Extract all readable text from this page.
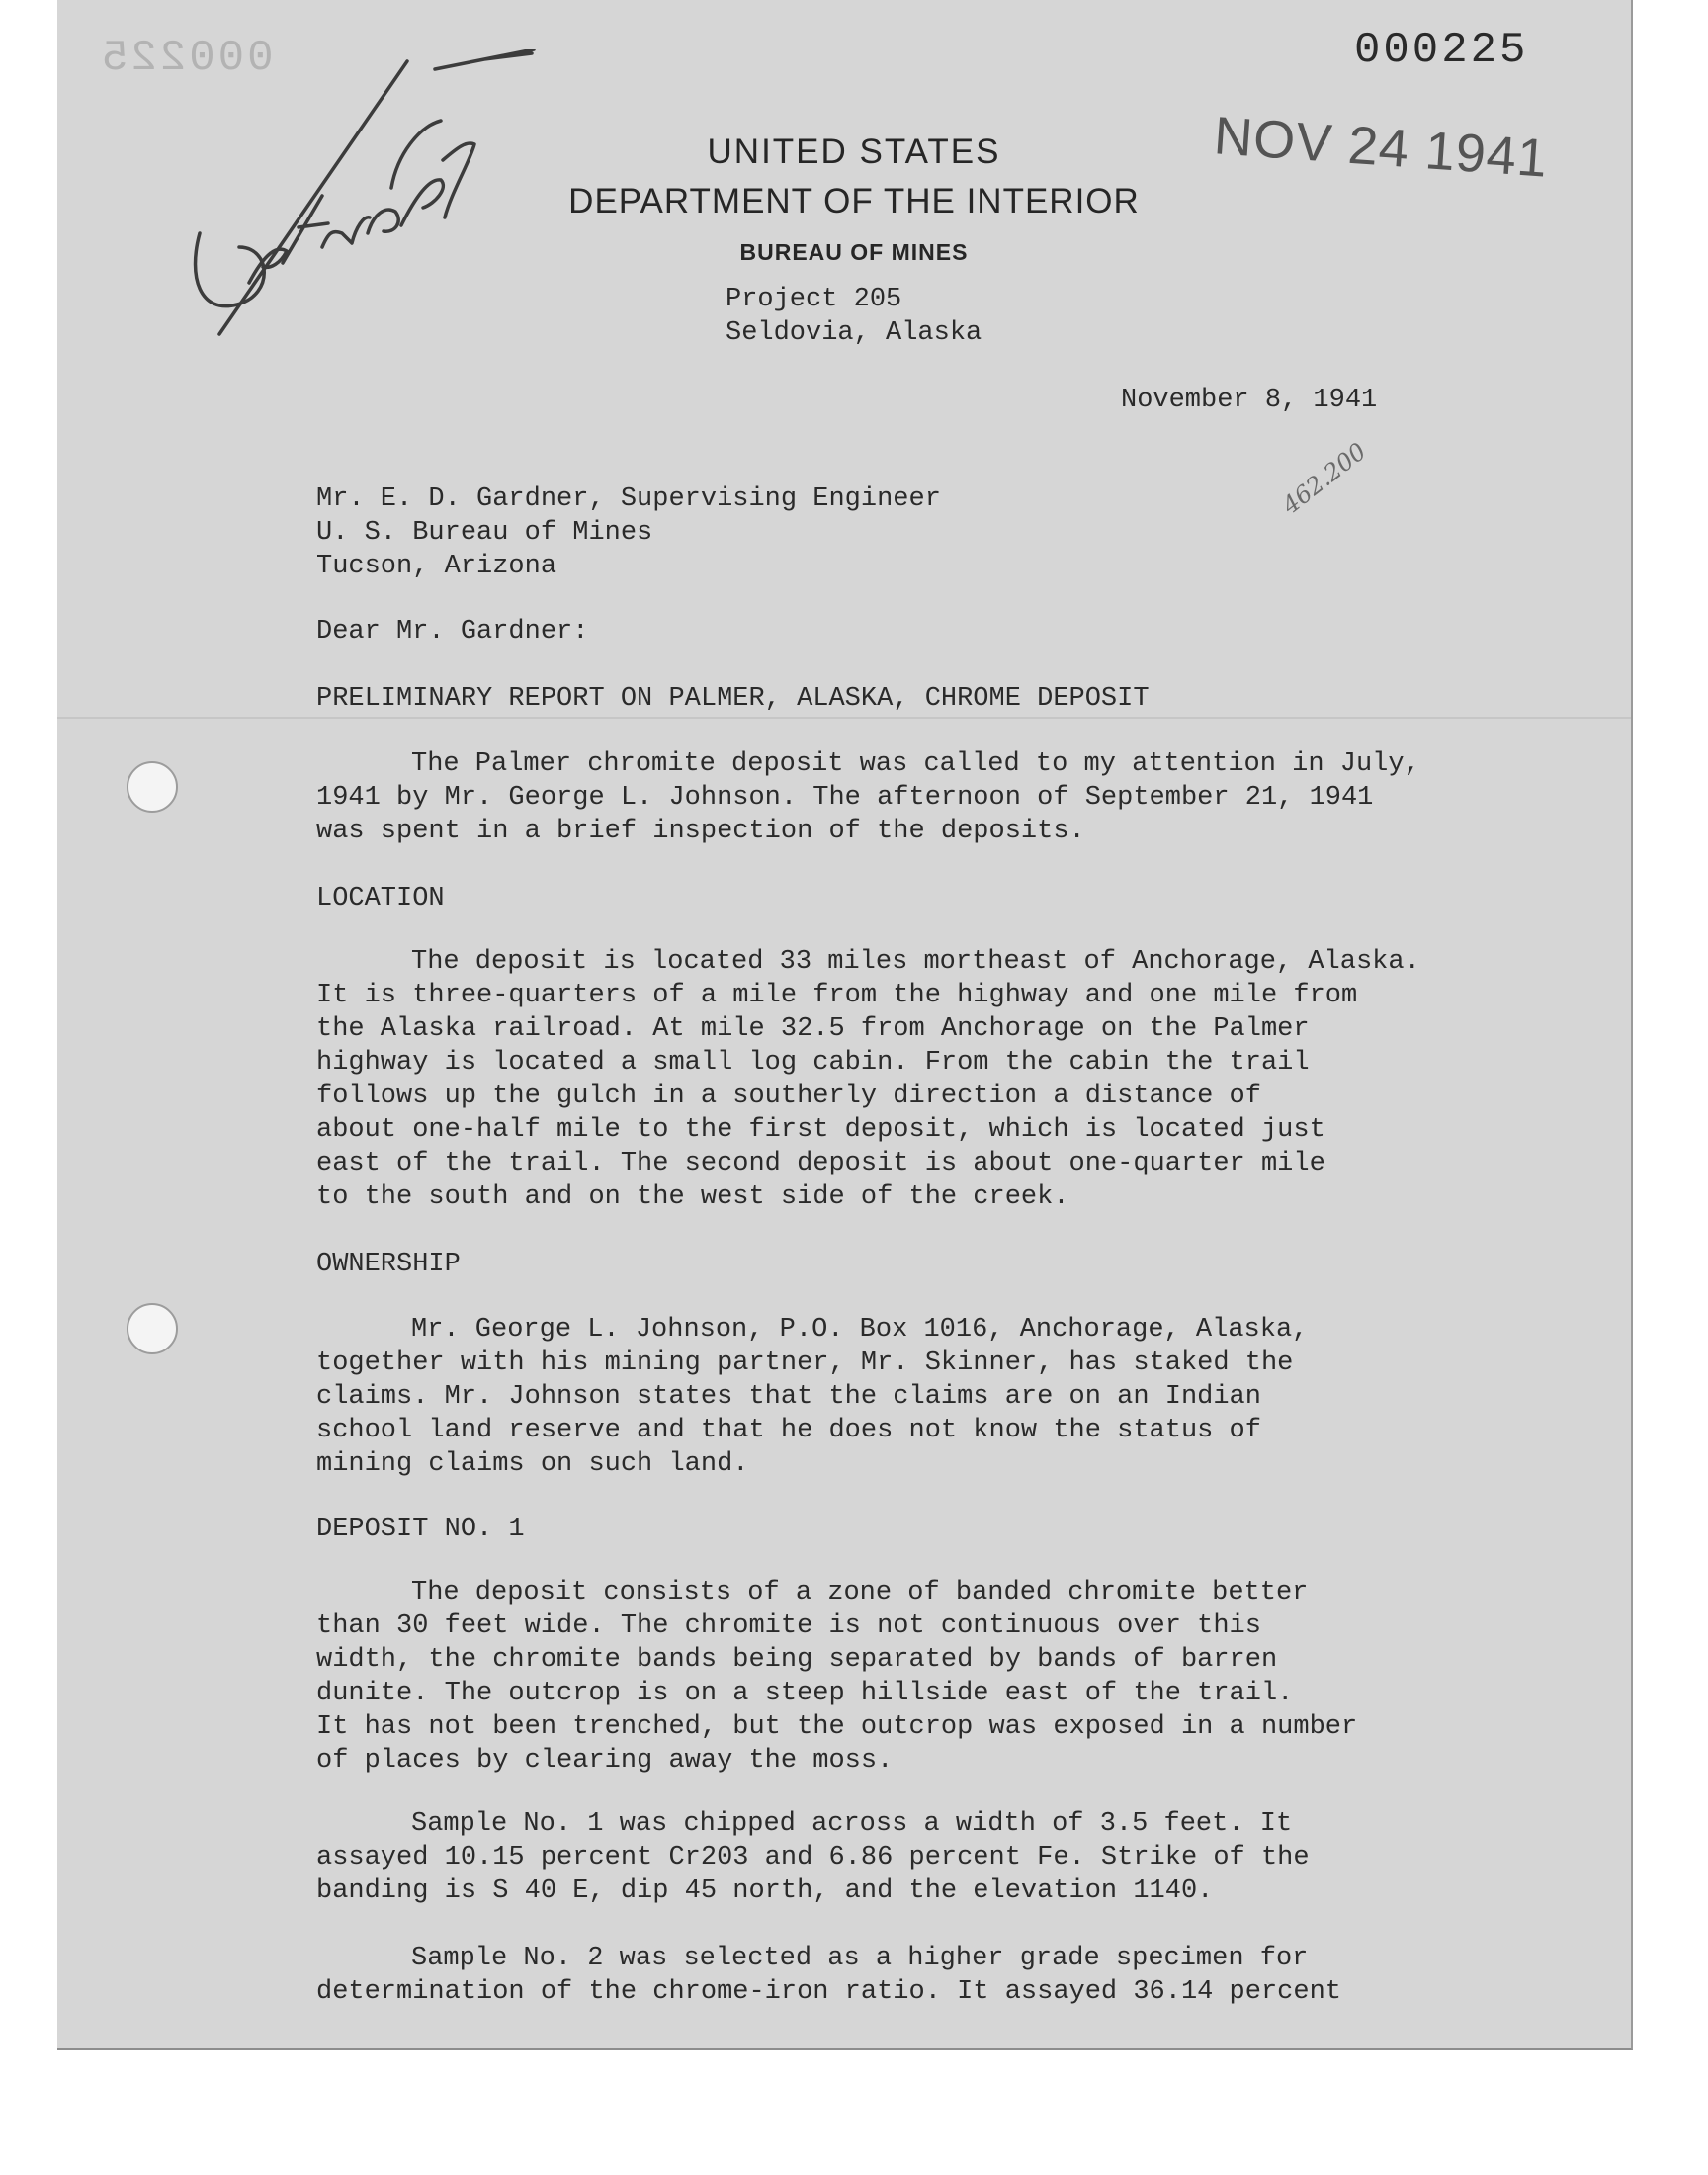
000225	000225
NOV 24 1941
UNITED STATES
DEPARTMENT OF THE INTERIOR
BUREAU OF MINES
Project 205
Seldovia, Alaska
November 8, 1941
462.200
Mr. E. D. Gardner, Supervising Engineer
U. S. Bureau of Mines
Tucson, Arizona
Dear Mr. Gardner:
PRELIMINARY REPORT ON PALMER, ALASKA, CHROME DEPOSIT
The Palmer chromite deposit was called to my attention in July,
1941 by Mr. George L. Johnson. The afternoon of September 21, 1941
was spent in a brief inspection of the deposits.
LOCATION
The deposit is located 33 miles mortheast of Anchorage, Alaska.
It is three-quarters of a mile from the highway and one mile from
the Alaska railroad. At mile 32.5 from Anchorage on the Palmer
highway is located a small log cabin. From the cabin the trail
follows up the gulch in a southerly direction a distance of
about one-half mile to the first deposit, which is located just
east of the trail. The second deposit is about one-quarter mile
to the south and on the west side of the creek.
OWNERSHIP
Mr. George L. Johnson, P.O. Box 1016, Anchorage, Alaska,
together with his mining partner, Mr. Skinner, has staked the
claims. Mr. Johnson states that the claims are on an Indian
school land reserve and that he does not know the status of
mining claims on such land.
DEPOSIT NO. 1
The deposit consists of a zone of banded chromite better
than 30 feet wide. The chromite is not continuous over this
width, the chromite bands being separated by bands of barren
dunite. The outcrop is on a steep hillside east of the trail.
It has not been trenched, but the outcrop was exposed in a number
of places by clearing away the moss.
Sample No. 1 was chipped across a width of 3.5 feet. It
assayed 10.15 percent Cr203 and 6.86 percent Fe. Strike of the
banding is S 40 E, dip 45 north, and the elevation 1140.
Sample No. 2 was selected as a higher grade specimen for
determination of the chrome-iron ratio. It assayed 36.14 percent
